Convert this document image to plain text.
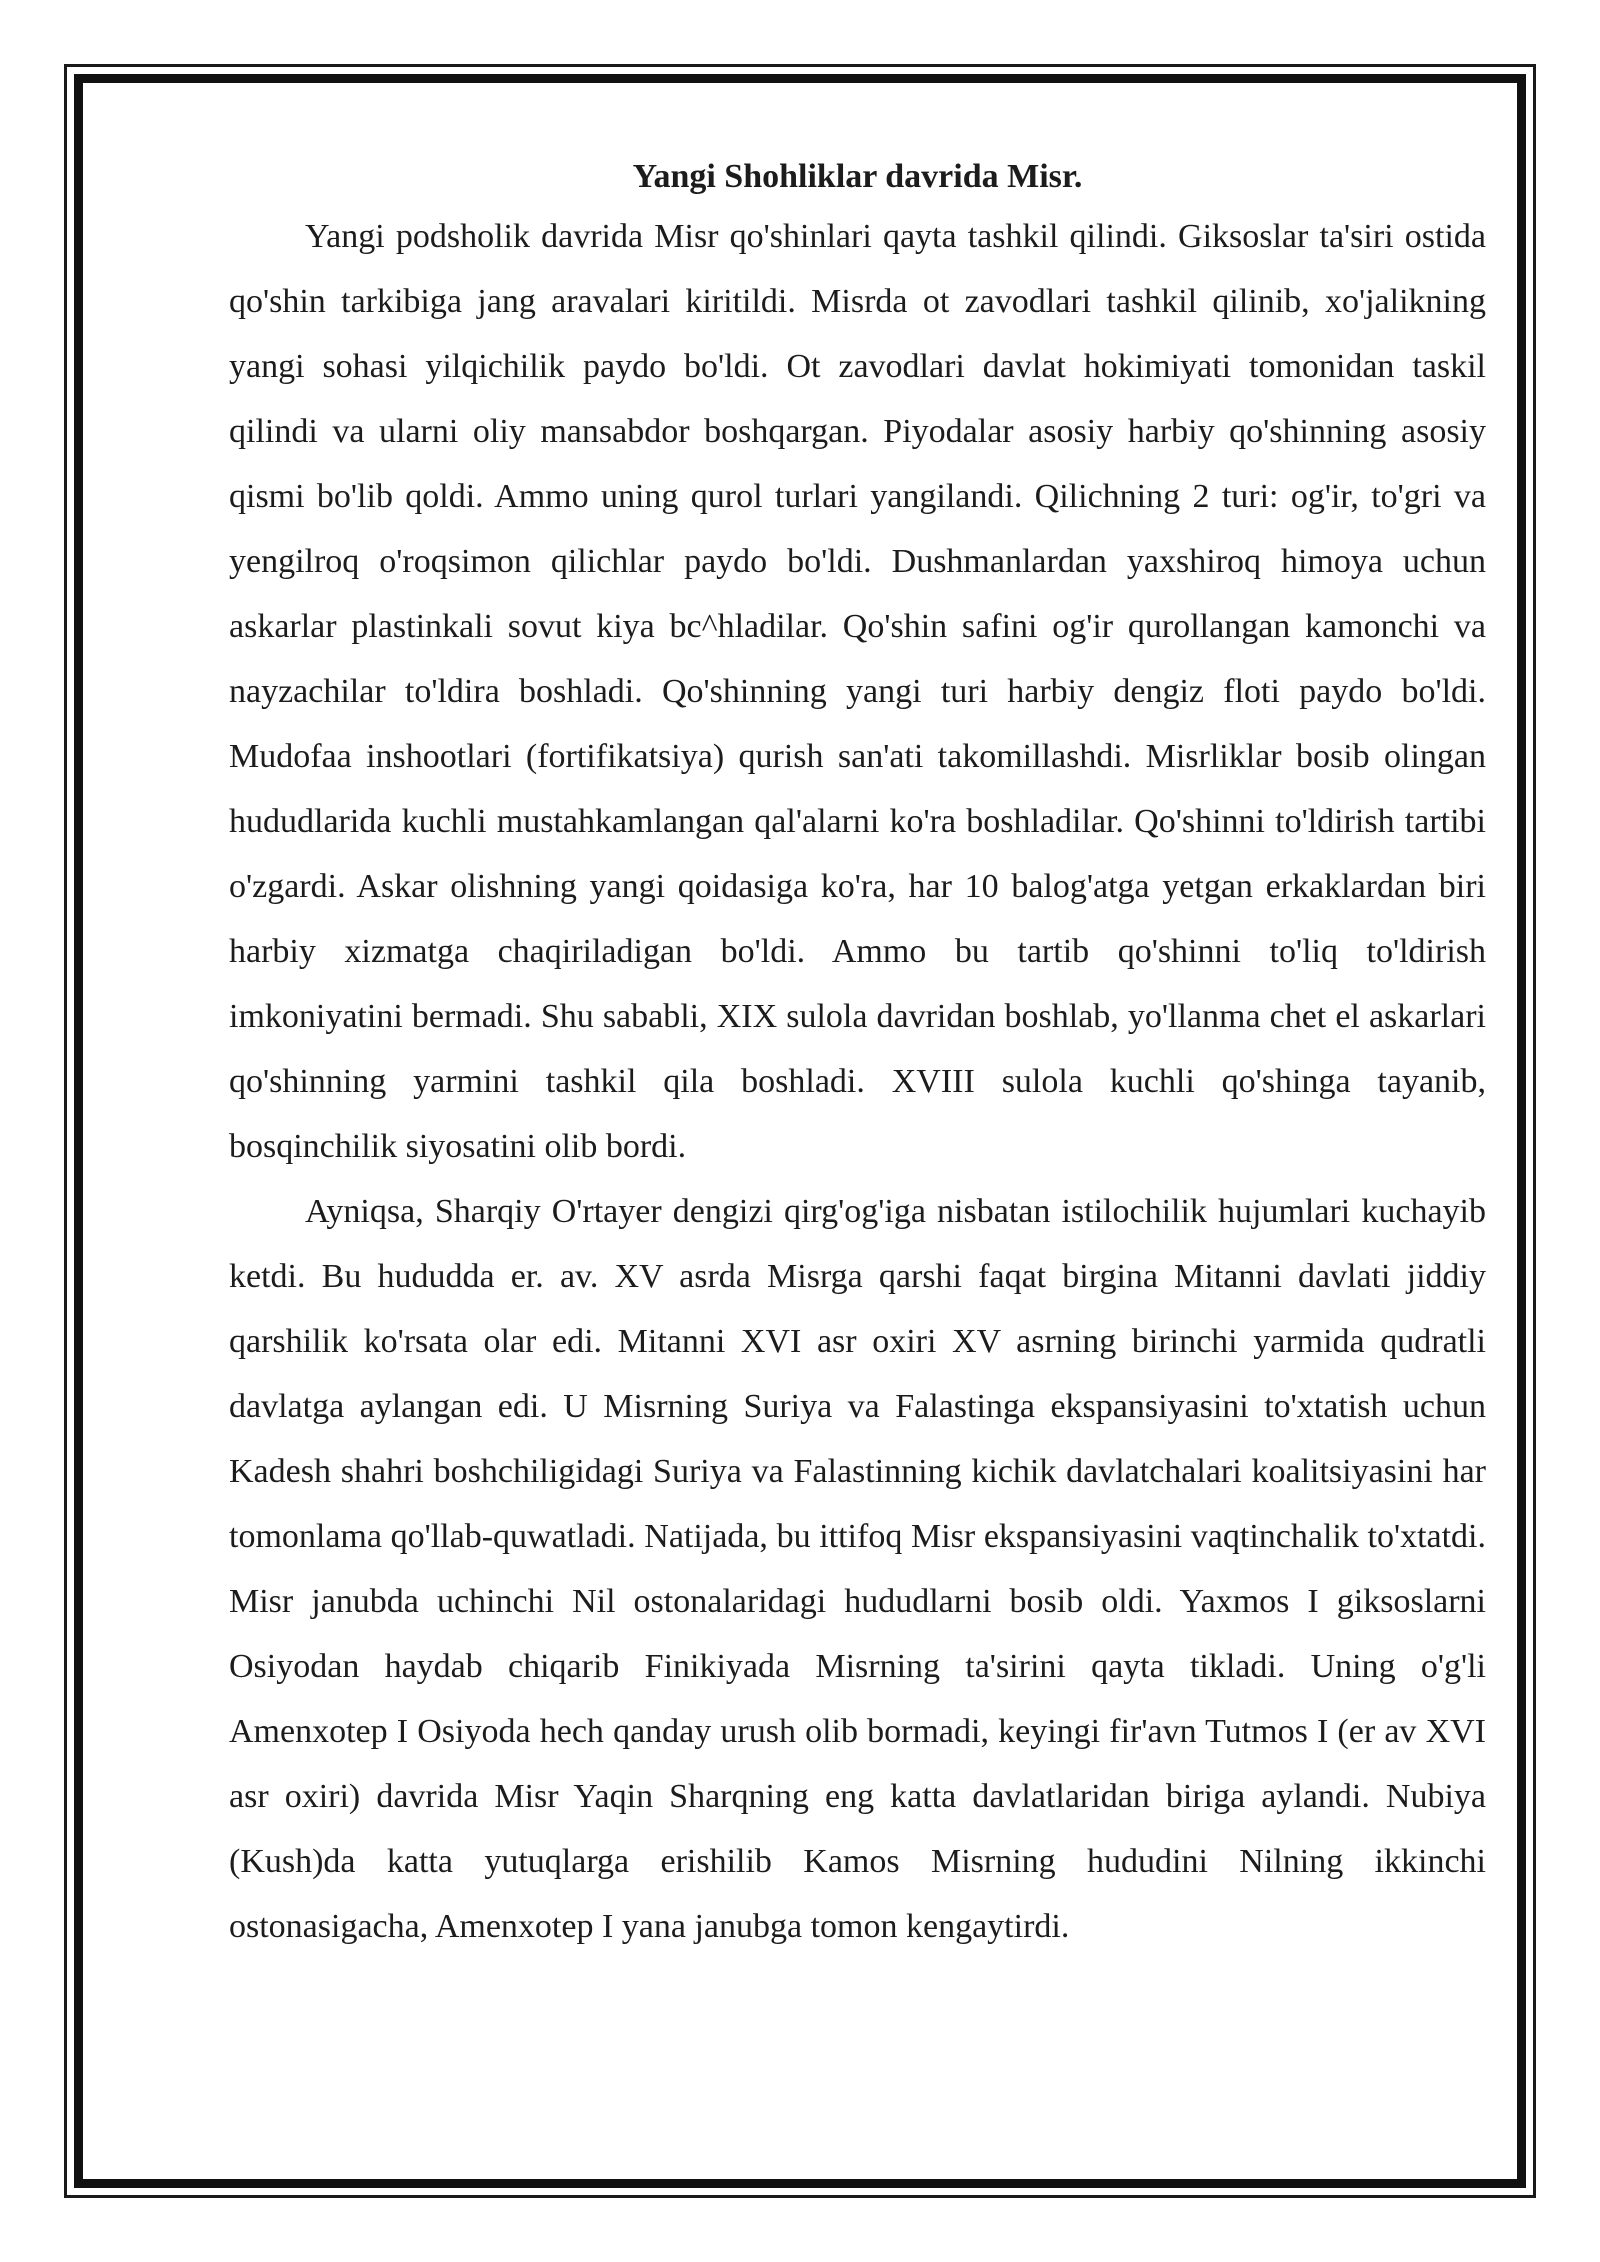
Yangi Shohliklar davrida Misr.

Yangi podsholik davrida Misr qo'shinlari qayta tashkil qilindi. Giksoslar ta'siri ostida qo'shin tarkibiga jang aravalari kiritildi. Misrda ot zavodlari tashkil qilinib, xo'jalikning yangi sohasi yilqichilik paydo bo'ldi. Ot zavodlari davlat hokimiyati tomonidan taskil qilindi va ularni oliy mansabdor boshqargan. Piyodalar asosiy harbiy qo'shinning asosiy qismi bo'lib qoldi. Ammo uning qurol turlari yangilandi. Qilichning 2 turi: og'ir, to'gri va yengilroq o'roqsimon qilichlar paydo bo'ldi. Dushmanlardan yaxshiroq himoya uchun askarlar plastinkali sovut kiya bc^hladilar. Qo'shin safini og'ir qurollangan kamonchi va nayzachilar to'ldira boshladi. Qo'shinning yangi turi harbiy dengiz floti paydo bo'ldi. Mudofaa inshootlari (fortifikatsiya) qurish san'ati takomillashdi. Misrliklar bosib olingan hududlarida kuchli mustahkamlangan qal'alarni ko'ra boshladilar. Qo'shinni to'ldirish tartibi o'zgardi. Askar olishning yangi qoidasiga ko'ra, har 10 balog'atga yetgan erkaklardan biri harbiy xizmatga chaqiriladigan bo'ldi. Ammo bu tartib qo'shinni to'liq to'ldirish imkoniyatini bermadi. Shu sababli, XIX sulola davridan boshlab, yo'llanma chet el askarlari qo'shinning yarmini tashkil qila boshladi. XVIII sulola kuchli qo'shinga tayanib, bosqinchilik siyosatini olib bordi.

Ayniqsa, Sharqiy O'rtayer dengizi qirg'og'iga nisbatan istilochilik hujumlari kuchayib ketdi. Bu hududda er. av. XV asrda Misrga qarshi faqat birgina Mitanni davlati jiddiy qarshilik ko'rsata olar edi. Mitanni XVI asr oxiri XV asrning birinchi yarmida qudratli davlatga aylangan edi. U Misrning Suriya va Falastinga ekspansiyasini to'xtatish uchun Kadesh shahri boshchiligidagi Suriya va Falastinning kichik davlatchalari koalitsiyasini har tomonlama qo'llab-quwatladi. Natijada, bu ittifoq Misr ekspansiyasini vaqtinchalik to'xtatdi. Misr janubda uchinchi Nil ostonalaridagi hududlarni bosib oldi. Yaxmos I giksoslarni Osiyodan haydab chiqarib Finikiyada Misrning ta'sirini qayta tikladi. Uning o'g'li Amenxotep I Osiyoda hech qanday urush olib bormadi, keyingi fir'avn Tutmos I (er av XVI asr oxiri) davrida Misr Yaqin Sharqning eng katta davlatlaridan biriga aylandi. Nubiya (Kush)da katta yutuqlarga erishilib Kamos Misrning hududini Nilning ikkinchi ostonasigacha, Amenxotep I yana janubga tomon kengaytirdi.
